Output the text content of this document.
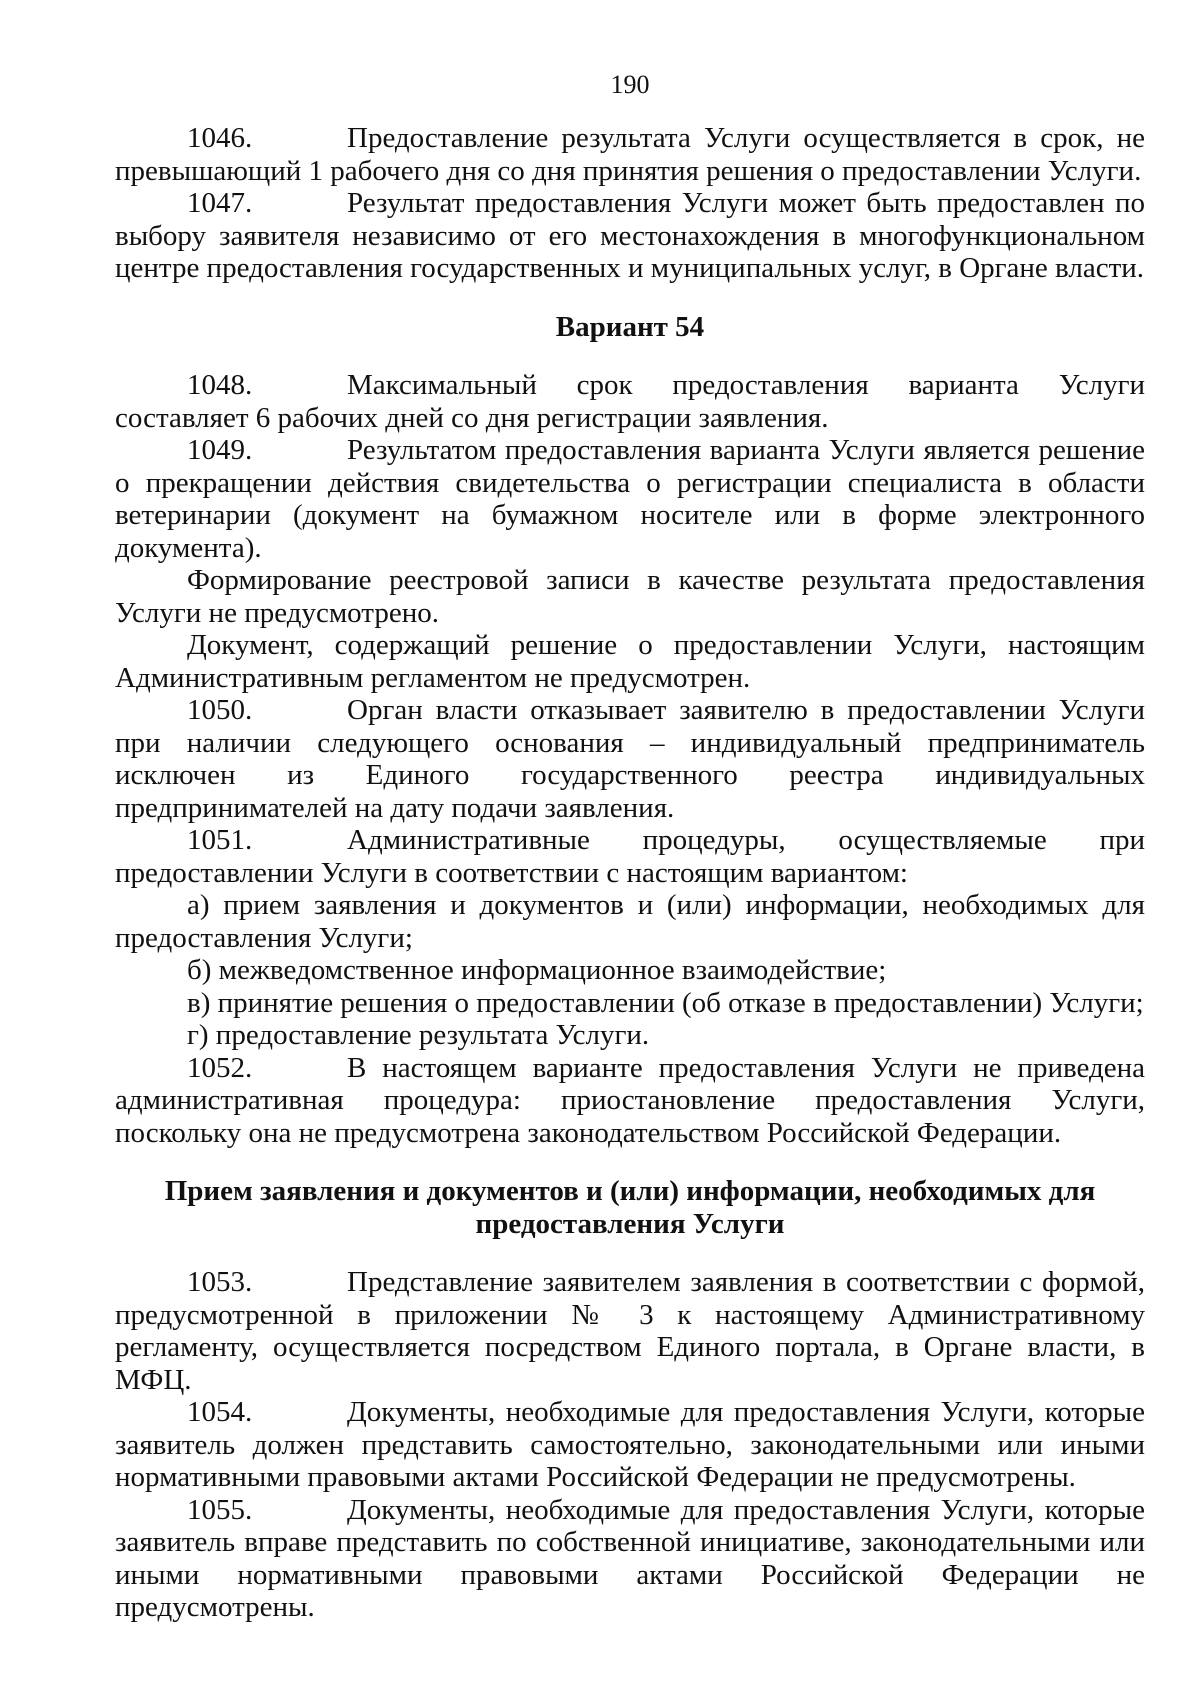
190

1046.	Предоставление результата Услуги осуществляется в срок, не превышающий 1 рабочего дня со дня принятия решения о предоставлении Услуги.

1047.	Результат предоставления Услуги может быть предоставлен по выбору заявителя независимо от его местонахождения в многофункциональном центре предоставления государственных и муниципальных услуг, в Органе власти.

Вариант 54

1048.	Максимальный срок предоставления варианта Услуги составляет 6 рабочих дней со дня регистрации заявления.

1049.	Результатом предоставления варианта Услуги является решение о прекращении действия свидетельства о регистрации специалиста в области ветеринарии (документ на бумажном носителе или в форме электронного документа).

Формирование реестровой записи в качестве результата предоставления Услуги не предусмотрено.

Документ, содержащий решение о предоставлении Услуги, настоящим Административным регламентом не предусмотрен.

1050.	Орган власти отказывает заявителю в предоставлении Услуги при наличии следующего основания – индивидуальный предприниматель исключен из Единого государственного реестра индивидуальных предпринимателей на дату подачи заявления.

1051.	Административные процедуры, осуществляемые при предоставлении Услуги в соответствии с настоящим вариантом:

а) прием заявления и документов и (или) информации, необходимых для предоставления Услуги;

б) межведомственное информационное взаимодействие;

в) принятие решения о предоставлении (об отказе в предоставлении) Услуги;

г) предоставление результата Услуги.

1052.	В настоящем варианте предоставления Услуги не приведена административная процедура: приостановление предоставления Услуги, поскольку она не предусмотрена законодательством Российской Федерации.

Прием заявления и документов и (или) информации, необходимых для
предоставления Услуги

1053.	Представление заявителем заявления в соответствии с формой, предусмотренной в приложении № 3 к настоящему Административному регламенту, осуществляется посредством Единого портала, в Органе власти, в МФЦ.

1054.	Документы, необходимые для предоставления Услуги, которые заявитель должен представить самостоятельно, законодательными или иными нормативными правовыми актами Российской Федерации не предусмотрены.

1055.	Документы, необходимые для предоставления Услуги, которые заявитель вправе представить по собственной инициативе, законодательными или иными нормативными правовыми актами Российской Федерации не предусмотрены.
